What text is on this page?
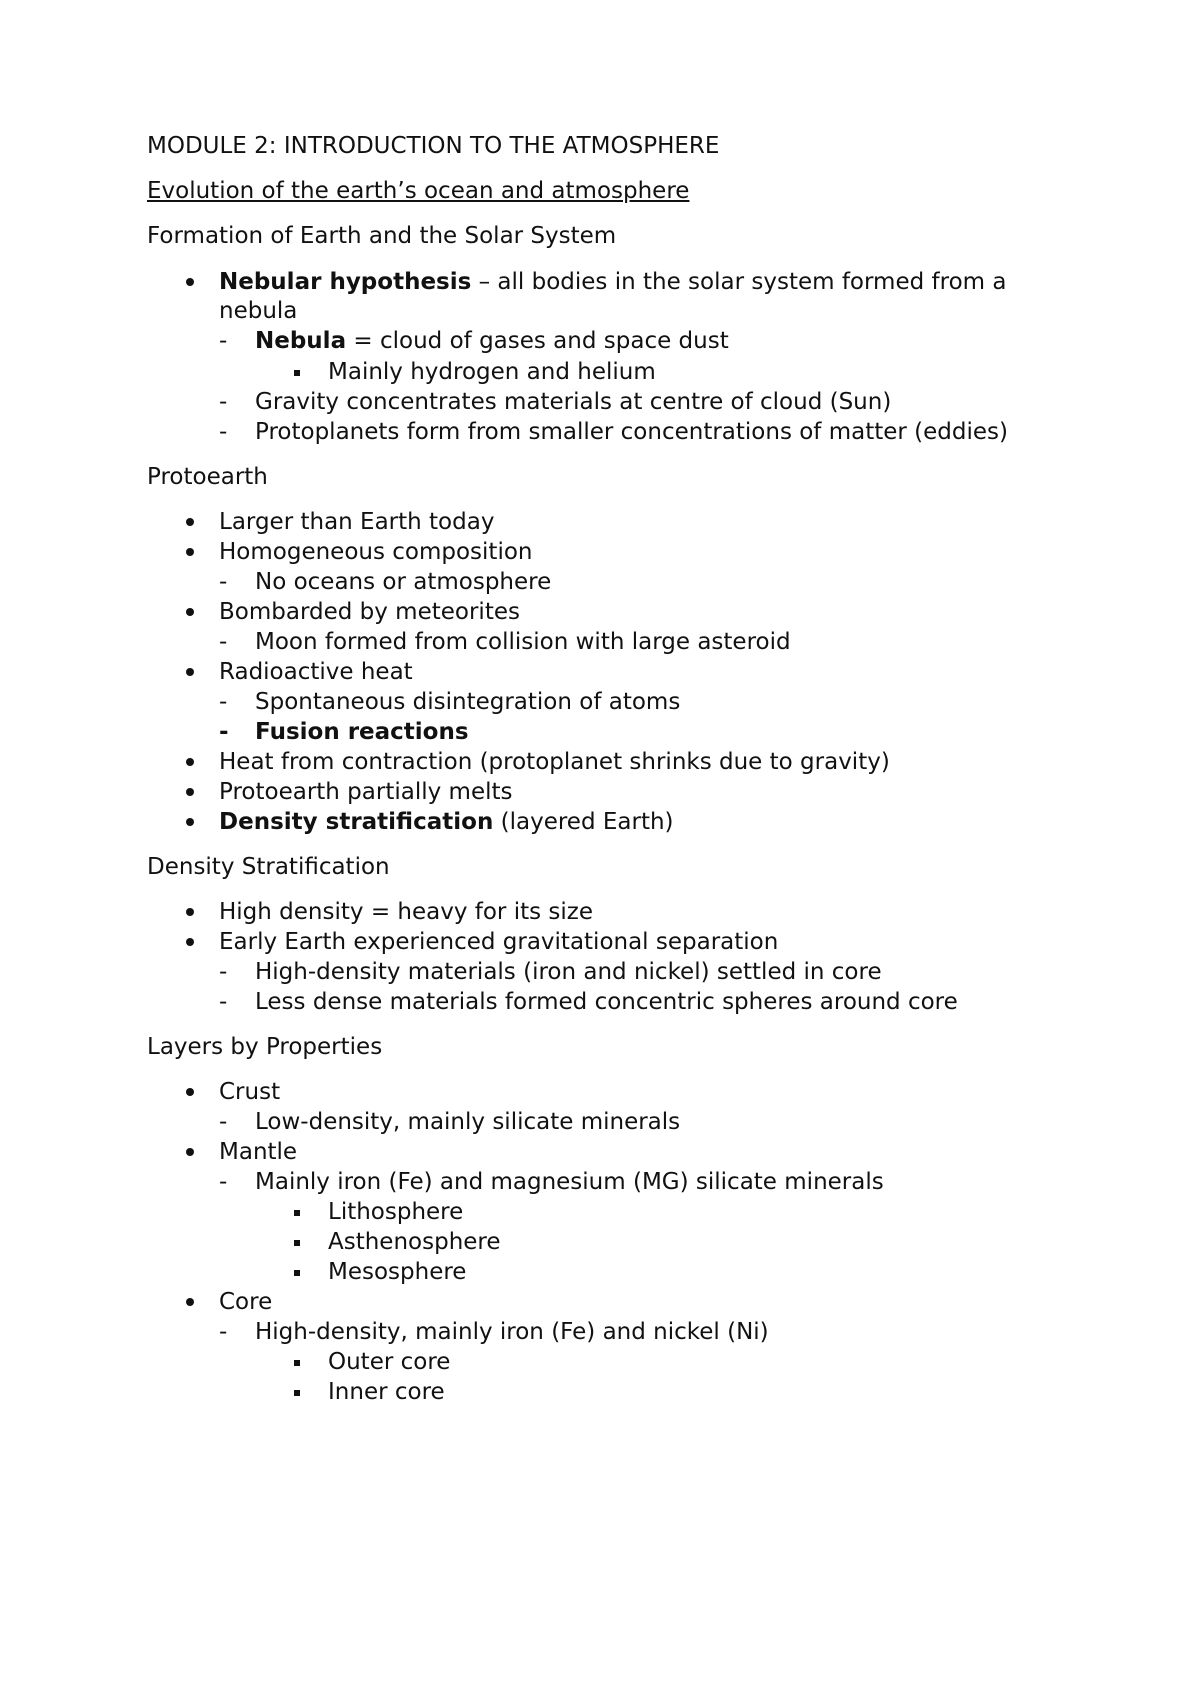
MODULE 2: INTRODUCTION TO THE ATMOSPHERE
Evolution of the earth’s ocean and atmosphere
Formation of Earth and the Solar System
Nebular hypothesis – all bodies in the solar system formed from a
nebula
- Nebula = cloud of gases and space dust
Mainly hydrogen and helium
- Gravity concentrates materials at centre of cloud (Sun)
- Protoplanets form from smaller concentrations of matter (eddies)
Protoearth
Larger than Earth today
Homogeneous composition
- No oceans or atmosphere
Bombarded by meteorites
- Moon formed from collision with large asteroid
Radioactive heat
- Spontaneous disintegration of atoms
- Fusion reactions
Heat from contraction (protoplanet shrinks due to gravity)
Protoearth partially melts
Density stratification (layered Earth)
Density Stratification
High density = heavy for its size
Early Earth experienced gravitational separation
- High-density materials (iron and nickel) settled in core
- Less dense materials formed concentric spheres around core
Layers by Properties
Crust
- Low-density, mainly silicate minerals
Mantle
- Mainly iron (Fe) and magnesium (MG) silicate minerals
Lithosphere
Asthenosphere
Mesosphere
Core
- High-density, mainly iron (Fe) and nickel (Ni)
Outer core
Inner core
